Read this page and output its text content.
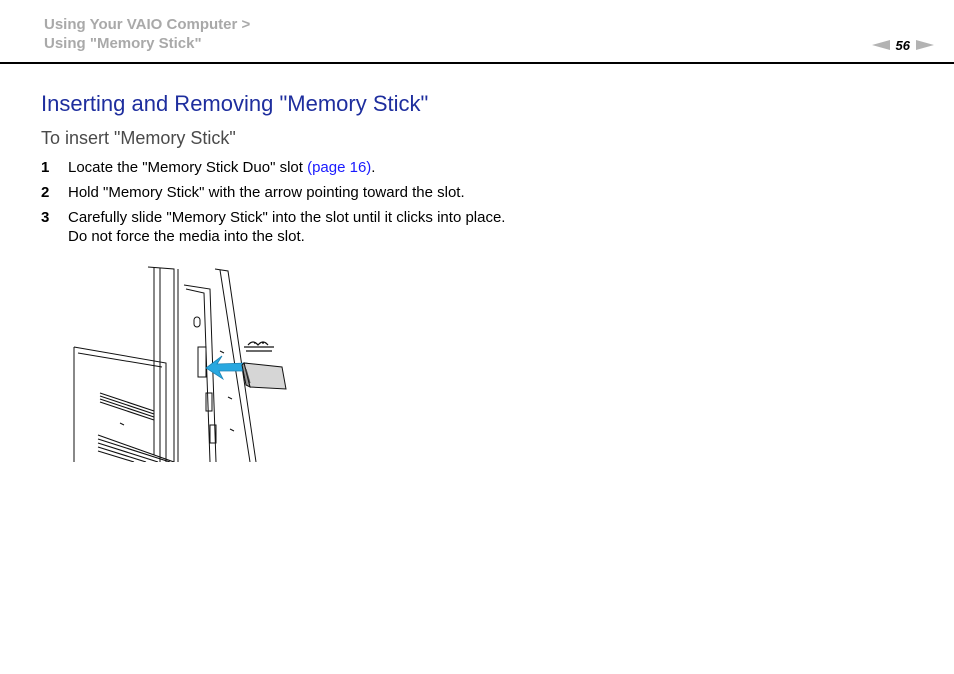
Using Your VAIO Computer >
Using "Memory Stick"	56
Inserting and Removing "Memory Stick"
To insert "Memory Stick"
1	Locate the "Memory Stick Duo" slot (page 16).
2	Hold "Memory Stick" with the arrow pointing toward the slot.
3	Carefully slide "Memory Stick" into the slot until it clicks into place.
Do not force the media into the slot.
